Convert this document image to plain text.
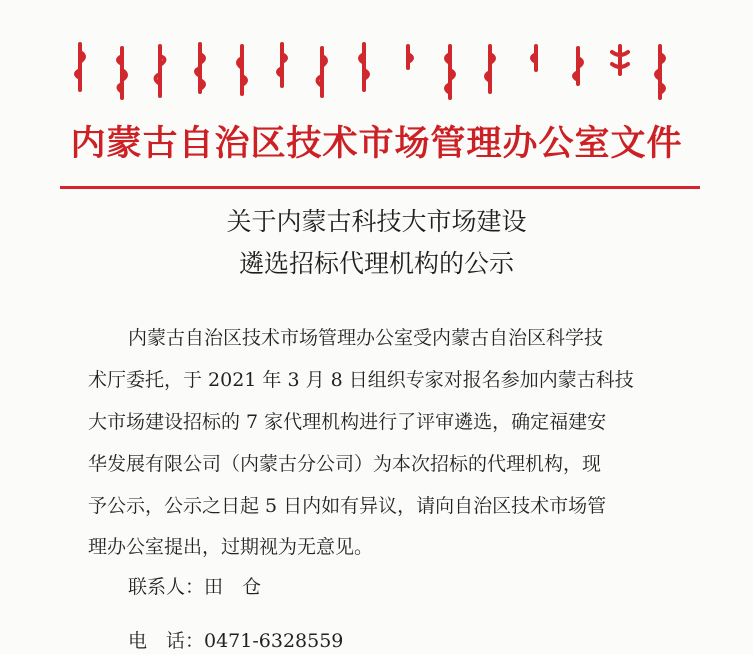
内蒙古自治区技术市场管理办公室文件
关于内蒙古科技大市场建设
遴选招标代理机构的公示
内蒙古自治区技术市场管理办公室受内蒙古自治区科学技
术厅委托，于 2021 年 3 月 8 日组织专家对报名参加内蒙古科技
大市场建设招标的 7 家代理机构进行了评审遴选，确定福建安
华发展有限公司（内蒙古分公司）为本次招标的代理机构，现
予公示，公示之日起 5 日内如有异议，请向自治区技术市场管
理办公室提出，过期视为无意见。
联系人：田　仓
电　话：0471-6328559
